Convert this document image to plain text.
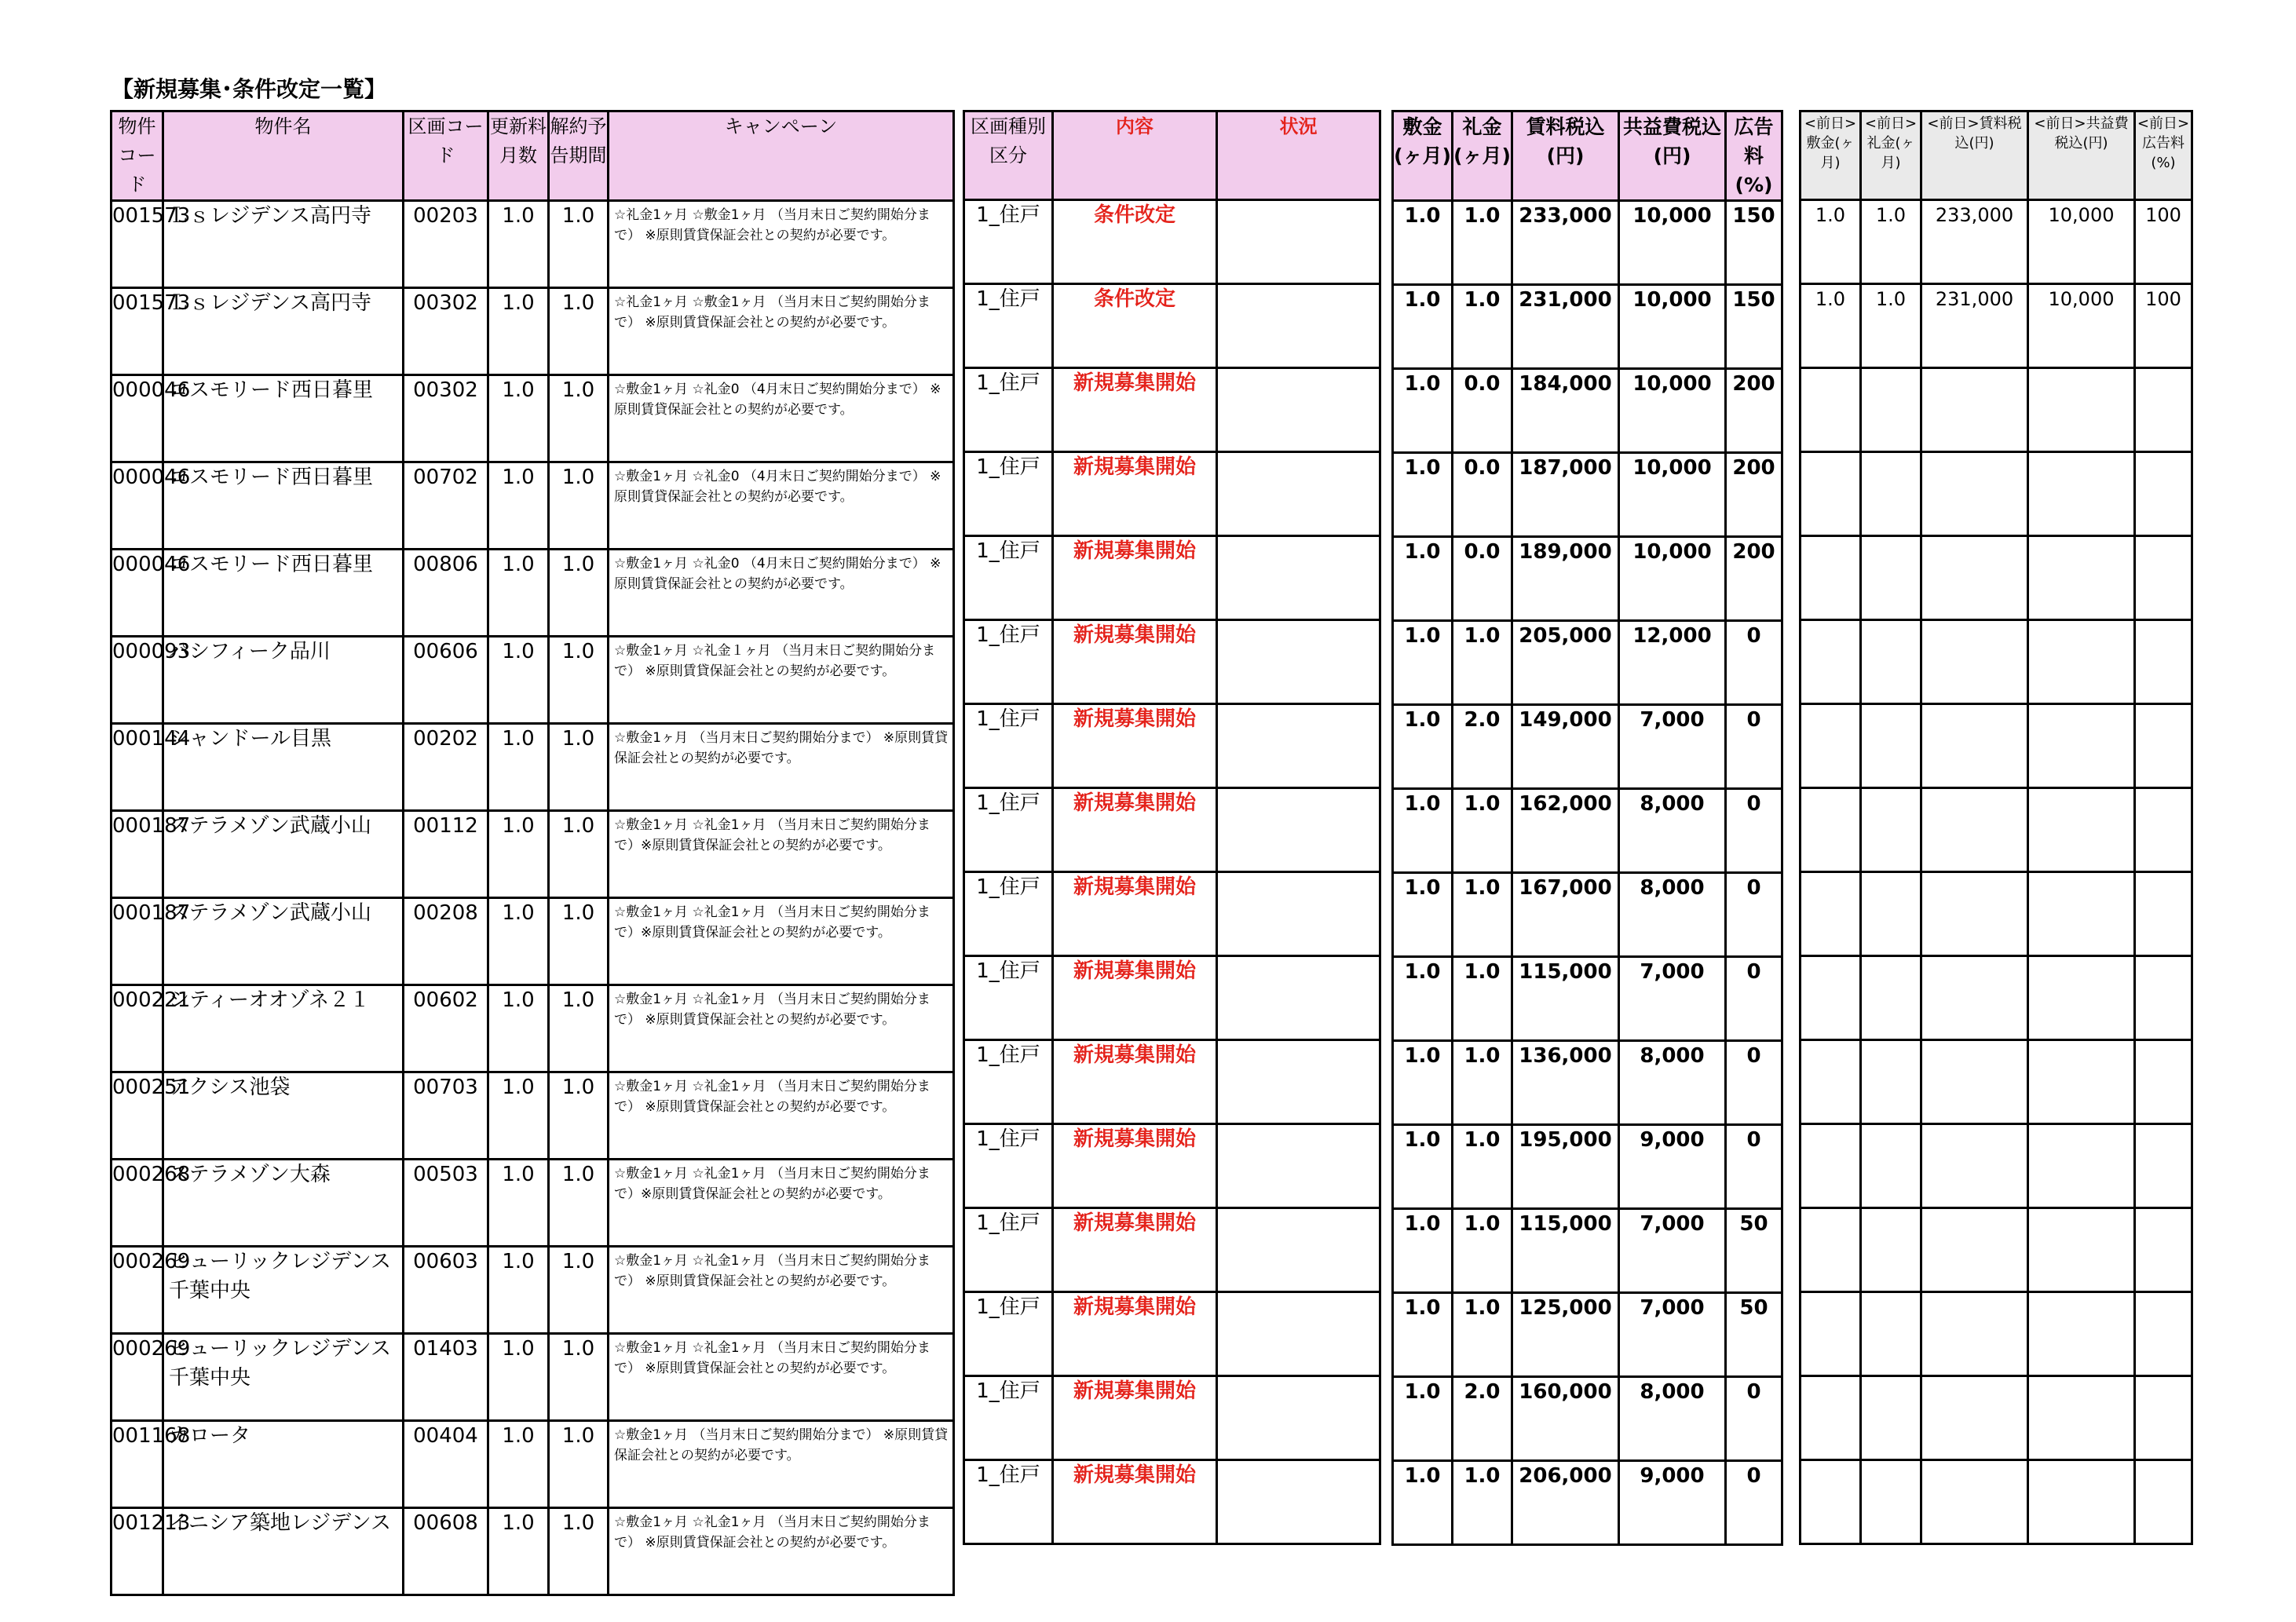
【新規募集･条件改定一覧】
物件コード	物件名	区画コード	更新料月数	解約予告期間	キャンペーン
001573	Ｌｓレジデンス高円寺	00203	1.0	1.0	☆礼金1ヶ月 ☆敷金1ヶ月 （当月末日ご契約開始分まで） ※原則賃貸保証会社との契約が必要です。
001573	Ｌｓレジデンス高円寺	00302	1.0	1.0	☆礼金1ヶ月 ☆敷金1ヶ月 （当月末日ご契約開始分まで） ※原則賃貸保証会社との契約が必要です。
000046	コスモリード西日暮里	00302	1.0	1.0	☆敷金1ヶ月 ☆礼金0 （4月末日ご契約開始分まで） ※原則賃貸保証会社との契約が必要です。
000046	コスモリード西日暮里	00702	1.0	1.0	☆敷金1ヶ月 ☆礼金0 （4月末日ご契約開始分まで） ※原則賃貸保証会社との契約が必要です。
000046	コスモリード西日暮里	00806	1.0	1.0	☆敷金1ヶ月 ☆礼金0 （4月末日ご契約開始分まで） ※原則賃貸保証会社との契約が必要です。
000093	パシフィーク品川	00606	1.0	1.0	☆敷金1ヶ月 ☆礼金１ヶ月 （当月末日ご契約開始分まで） ※原則賃貸保証会社との契約が必要です。
000144	シャンドール目黒	00202	1.0	1.0	☆敷金1ヶ月 （当月末日ご契約開始分まで） ※原則賃貸保証会社との契約が必要です。
000187	ステラメゾン武蔵小山	00112	1.0	1.0	☆敷金1ヶ月 ☆礼金1ヶ月 （当月末日ご契約開始分まで）※原則賃貸保証会社との契約が必要です。
000187	ステラメゾン武蔵小山	00208	1.0	1.0	☆敷金1ヶ月 ☆礼金1ヶ月 （当月末日ご契約開始分まで）※原則賃貸保証会社との契約が必要です。
000221	シティーオオゾネ２１	00602	1.0	1.0	☆敷金1ヶ月 ☆礼金1ヶ月 （当月末日ご契約開始分まで） ※原則賃貸保証会社との契約が必要です。
000251	アクシス池袋	00703	1.0	1.0	☆敷金1ヶ月 ☆礼金1ヶ月 （当月末日ご契約開始分まで） ※原則賃貸保証会社との契約が必要です。
000268	ステラメゾン大森	00503	1.0	1.0	☆敷金1ヶ月 ☆礼金1ヶ月 （当月末日ご契約開始分まで）※原則賃貸保証会社との契約が必要です。
000269	ヒューリックレジデンス千葉中央	00603	1.0	1.0	☆敷金1ヶ月 ☆礼金1ヶ月 （当月末日ご契約開始分まで） ※原則賃貸保証会社との契約が必要です。
000269	ヒューリックレジデンス千葉中央	01403	1.0	1.0	☆敷金1ヶ月 ☆礼金1ヶ月 （当月末日ご契約開始分まで） ※原則賃貸保証会社との契約が必要です。
001168	カロータ	00404	1.0	1.0	☆敷金1ヶ月 （当月末日ご契約開始分まで） ※原則賃貸保証会社との契約が必要です。
001213	イニシア築地レジデンス	00608	1.0	1.0	☆敷金1ヶ月 ☆礼金1ヶ月 （当月末日ご契約開始分まで） ※原則賃貸保証会社との契約が必要です。
区画種別区分	内容	状況
1_住戸	条件改定	
1_住戸	条件改定	
1_住戸	新規募集開始	
1_住戸	新規募集開始	
1_住戸	新規募集開始	
1_住戸	新規募集開始	
1_住戸	新規募集開始	
1_住戸	新規募集開始	
1_住戸	新規募集開始	
1_住戸	新規募集開始	
1_住戸	新規募集開始	
1_住戸	新規募集開始	
1_住戸	新規募集開始	
1_住戸	新規募集開始	
1_住戸	新規募集開始	
1_住戸	新規募集開始	
敷金(ヶ月)	礼金(ヶ月)	賃料税込(円)	共益費税込(円)	広告料(%)
1.0	1.0	233,000	10,000	150
1.0	1.0	231,000	10,000	150
1.0	0.0	184,000	10,000	200
1.0	0.0	187,000	10,000	200
1.0	0.0	189,000	10,000	200
1.0	1.0	205,000	12,000	0
1.0	2.0	149,000	7,000	0
1.0	1.0	162,000	8,000	0
1.0	1.0	167,000	8,000	0
1.0	1.0	115,000	7,000	0
1.0	1.0	136,000	8,000	0
1.0	1.0	195,000	9,000	0
1.0	1.0	115,000	7,000	50
1.0	1.0	125,000	7,000	50
1.0	2.0	160,000	8,000	0
1.0	1.0	206,000	9,000	0
<前日>敷金(ヶ月)	<前日>礼金(ヶ月)	<前日>賃料税込(円)	<前日>共益費税込(円)	<前日>広告料(%)
1.0	1.0	233,000	10,000	100
1.0	1.0	231,000	10,000	100
